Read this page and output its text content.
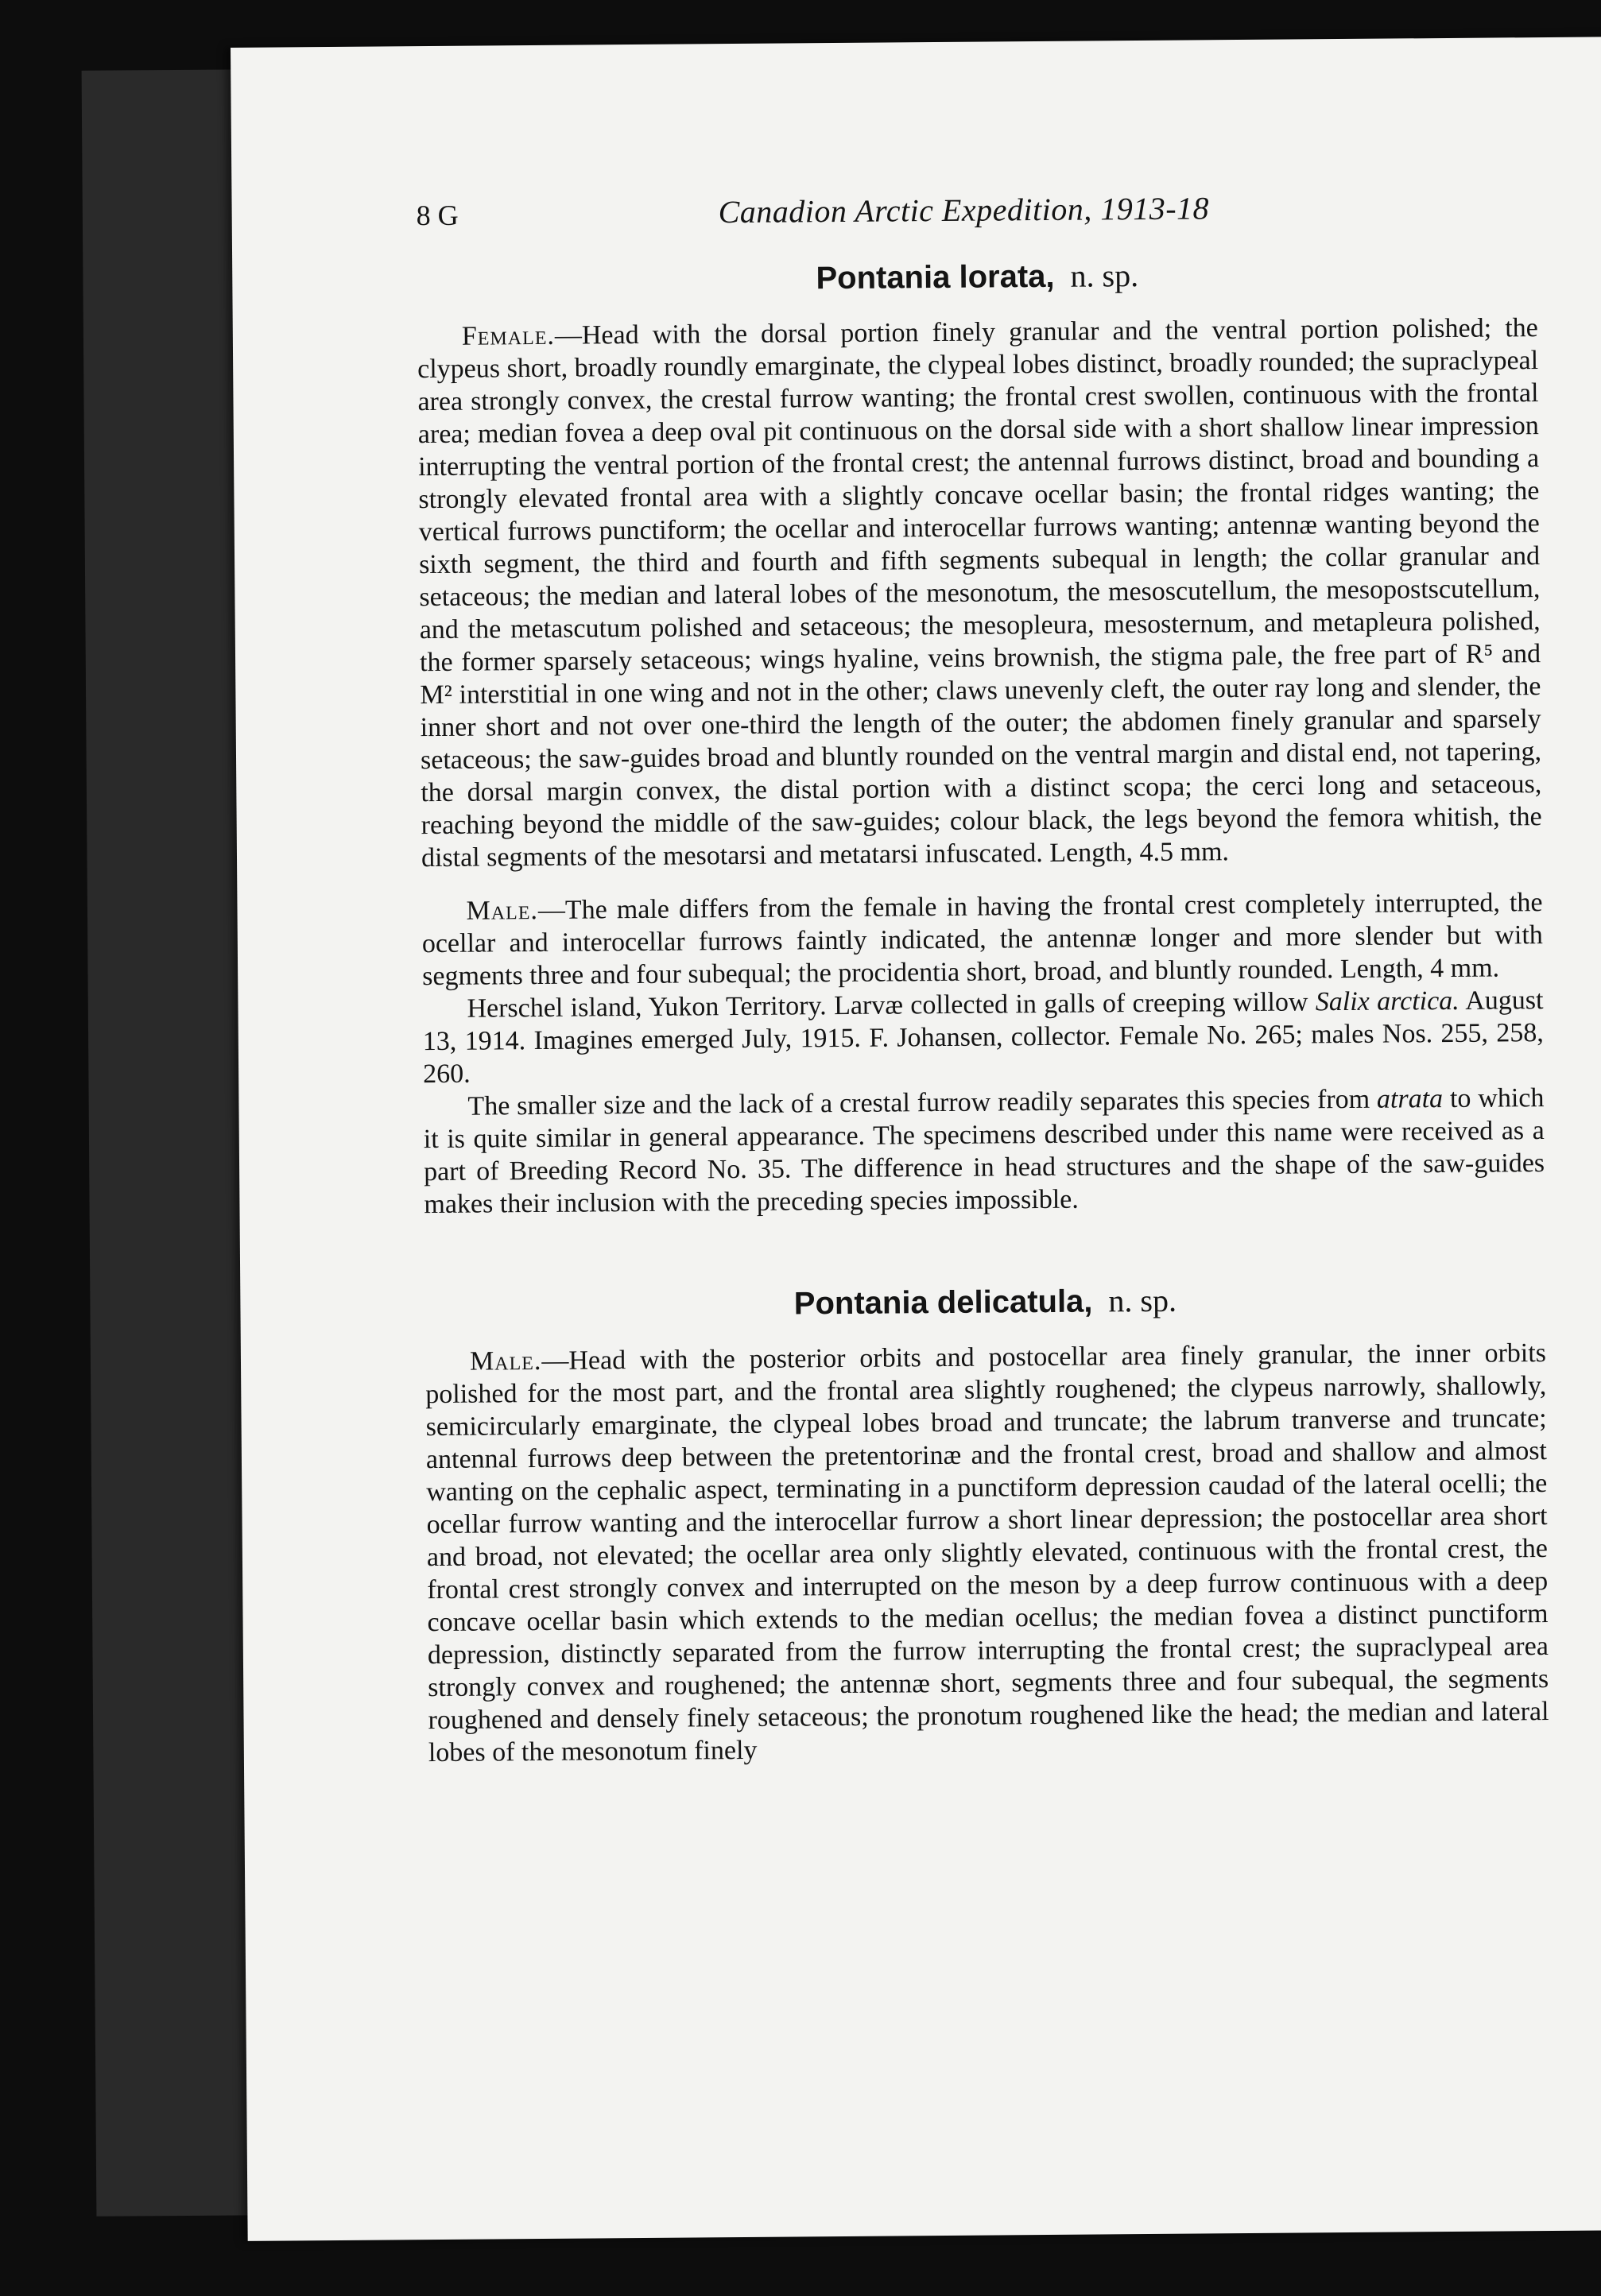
8 G	Canadion Arctic Expedition, 1913-18
Pontania lorata, n. sp.

Female.—Head with the dorsal portion finely granular and the ventral portion polished; the clypeus short, broadly roundly emarginate, the clypeal lobes distinct, broadly rounded; the supraclypeal area strongly convex, the crestal furrow wanting; the frontal crest swollen, continuous with the frontal area; median fovea a deep oval pit continuous on the dorsal side with a short shallow linear impression interrupting the ventral portion of the frontal crest; the antennal furrows distinct, broad and bounding a strongly elevated frontal area with a slightly concave ocellar basin; the frontal ridges wanting; the vertical furrows punctiform; the ocellar and interocellar furrows wanting; antennæ wanting beyond the sixth segment, the third and fourth and fifth segments subequal in length; the collar granular and setaceous; the median and lateral lobes of the mesonotum, the mesoscutellum, the mesopostscutellum, and the metascutum polished and setaceous; the mesopleura, mesosternum, and metapleura polished, the former sparsely setaceous; wings hyaline, veins brownish, the stigma pale, the free part of R⁵ and M² interstitial in one wing and not in the other; claws unevenly cleft, the outer ray long and slender, the inner short and not over one-third the length of the outer; the abdomen finely granular and sparsely setaceous; the saw-guides broad and bluntly rounded on the ventral margin and distal end, not tapering, the dorsal margin convex, the distal portion with a distinct scopa; the cerci long and setaceous, reaching beyond the middle of the saw-guides; colour black, the legs beyond the femora whitish, the distal segments of the mesotarsi and metatarsi infuscated. Length, 4.5 mm.

Male.—The male differs from the female in having the frontal crest completely interrupted, the ocellar and interocellar furrows faintly indicated, the antennæ longer and more slender but with segments three and four subequal; the procidentia short, broad, and bluntly rounded. Length, 4 mm.

Herschel island, Yukon Territory. Larvæ collected in galls of creeping willow Salix arctica. August 13, 1914. Imagines emerged July, 1915. F. Johansen, collector. Female No. 265; males Nos. 255, 258, 260.

The smaller size and the lack of a crestal furrow readily separates this species from atrata to which it is quite similar in general appearance. The specimens described under this name were received as a part of Breeding Record No. 35. The difference in head structures and the shape of the saw-guides makes their inclusion with the preceding species impossible.

Pontania delicatula, n. sp.

Male.—Head with the posterior orbits and postocellar area finely granular, the inner orbits polished for the most part, and the frontal area slightly roughened; the clypeus narrowly, shallowly, semicircularly emarginate, the clypeal lobes broad and truncate; the labrum tranverse and truncate; antennal furrows deep between the pretentorinæ and the frontal crest, broad and shallow and almost wanting on the cephalic aspect, terminating in a punctiform depression caudad of the lateral ocelli; the ocellar furrow wanting and the interocellar furrow a short linear depression; the postocellar area short and broad, not elevated; the ocellar area only slightly elevated, continuous with the frontal crest, the frontal crest strongly convex and interrupted on the meson by a deep furrow continuous with a deep concave ocellar basin which extends to the median ocellus; the median fovea a distinct punctiform depression, distinctly separated from the furrow interrupting the frontal crest; the supraclypeal area strongly convex and roughened; the antennæ short, segments three and four subequal, the segments roughened and densely finely setaceous; the pronotum roughened like the head; the median and lateral lobes of the mesonotum finely
